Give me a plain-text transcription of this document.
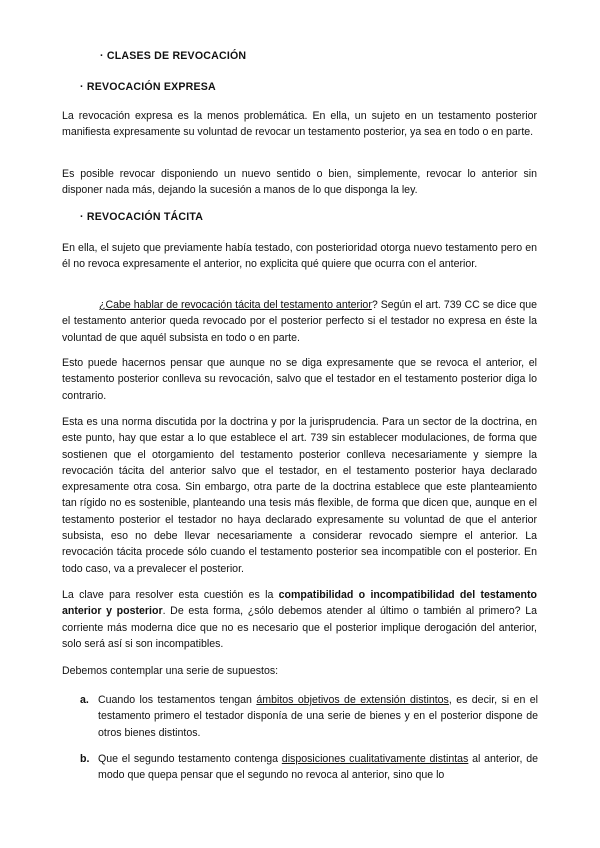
· CLASES DE REVOCACIÓN
· REVOCACIÓN EXPRESA
La revocación expresa es la menos problemática. En ella, un sujeto en un testamento posterior manifiesta expresamente su voluntad de revocar un testamento posterior, ya sea en todo o en parte.
Es posible revocar disponiendo un nuevo sentido o bien, simplemente, revocar lo anterior sin disponer nada más, dejando la sucesión a manos de lo que disponga la ley.
· REVOCACIÓN TÁCITA
En ella, el sujeto que previamente había testado, con posterioridad otorga nuevo testamento pero en él no revoca expresamente el anterior, no explicita qué quiere que ocurra con el anterior.
¿Cabe hablar de revocación tácita del testamento anterior? Según el art. 739 CC se dice que el testamento anterior queda revocado por el posterior perfecto si el testador no expresa en éste la voluntad de que aquél subsista en todo o en parte.
Esto puede hacernos pensar que aunque no se diga expresamente que se revoca el anterior, el testamento posterior conlleva su revocación, salvo que el testador en el testamento posterior diga lo contrario.
Esta es una norma discutida por la doctrina y por la jurisprudencia. Para un sector de la doctrina, en este punto, hay que estar a lo que establece el art. 739 sin establecer modulaciones, de forma que sostienen que el otorgamiento del testamento posterior conlleva necesariamente y siempre la revocación tácita del anterior salvo que el testador, en el testamento posterior haya declarado expresamente otra cosa. Sin embargo, otra parte de la doctrina establece que este planteamiento tan rígido no es sostenible, planteando una tesis más flexible, de forma que dicen que, aunque en el testamento posterior el testador no haya declarado expresamente su voluntad de que el anterior subsista, eso no debe llevar necesariamente a considerar revocado siempre el anterior. La revocación tácita procede sólo cuando el testamento posterior sea incompatible con el posterior. En todo caso, va a prevalecer el posterior.
La clave para resolver esta cuestión es la compatibilidad o incompatibilidad del testamento anterior y posterior. De esta forma, ¿sólo debemos atender al último o también al primero? La corriente más moderna dice que no es necesario que el posterior implique derogación del anterior, solo será así si son incompatibles.
Debemos contemplar una serie de supuestos:
a. Cuando los testamentos tengan ámbitos objetivos de extensión distintos, es decir, si en el testamento primero el testador disponía de una serie de bienes y en el posterior dispone de otros bienes distintos.
b. Que el segundo testamento contenga disposiciones cualitativamente distintas al anterior, de modo que quepa pensar que el segundo no revoca al anterior, sino que lo
